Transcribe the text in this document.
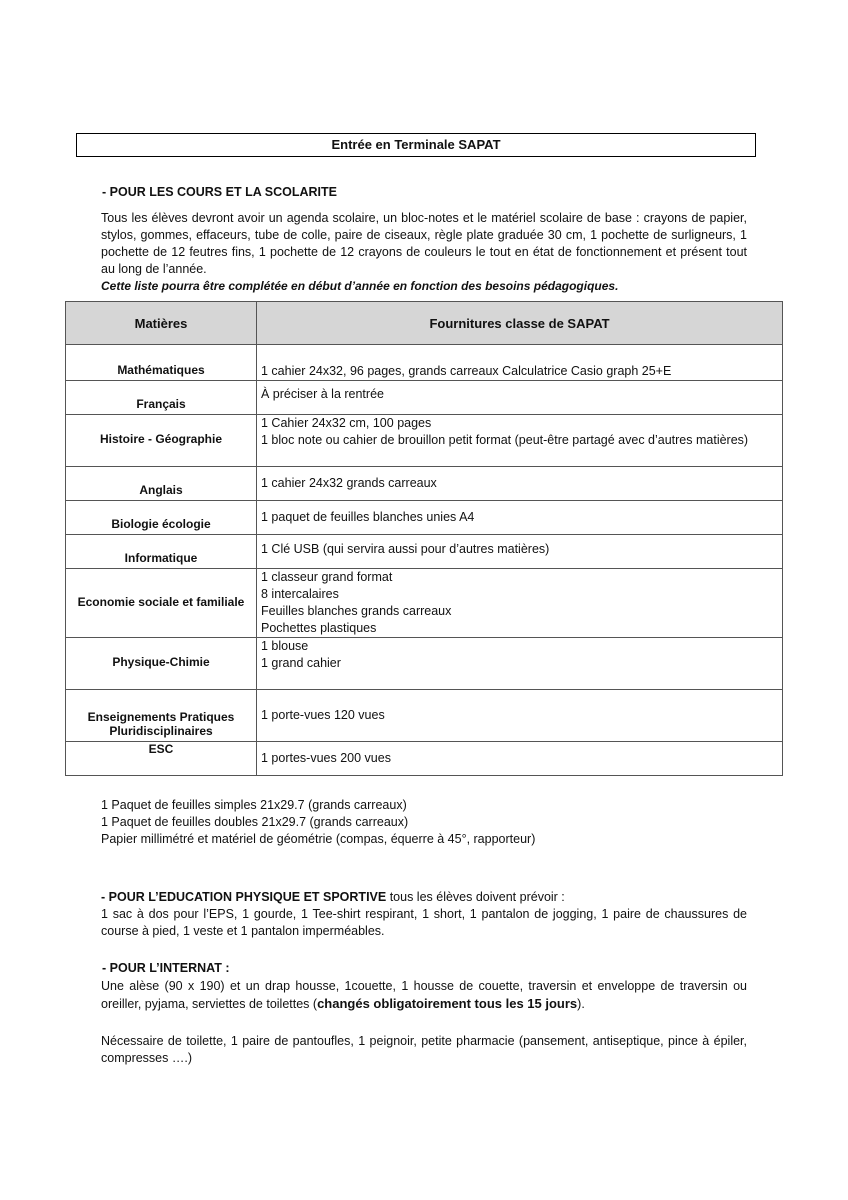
Entrée en Terminale SAPAT
- POUR LES COURS ET LA SCOLARITE
Tous les élèves devront avoir un agenda scolaire, un bloc-notes et le matériel scolaire de base : crayons de papier, stylos, gommes, effaceurs, tube de colle, paire de ciseaux, règle plate graduée 30 cm, 1 pochette de surligneurs, 1 pochette de 12 feutres fins, 1 pochette de 12 crayons de couleurs le tout en état de fonctionnement et présent tout au long de l’année.
Cette liste pourra être complétée en début d’année en fonction des besoins pédagogiques.
Matières	Fournitures classe de SAPAT
Mathématiques	1 cahier 24x32, 96 pages, grands carreaux Calculatrice Casio graph 25+E

Français	À préciser à la rentrée

Histoire - Géographie	1 Cahier 24x32 cm, 100 pages
1 bloc note ou cahier de brouillon petit format (peut-être partagé avec d’autres matières)

Anglais	1 cahier 24x32 grands carreaux

Biologie écologie	1 paquet de feuilles blanches unies A4

Informatique	1 Clé USB (qui servira aussi pour d’autres matières)

Economie sociale et familiale	1 classeur grand format
8 intercalaires
Feuilles blanches grands carreaux
Pochettes plastiques

Physique-Chimie	1 blouse
1 grand cahier

Enseignements Pratiques Pluridisciplinaires	1 porte-vues 120 vues

ESC	1 portes-vues 200 vues
1 Paquet de feuilles simples 21x29.7 (grands carreaux)
1 Paquet de feuilles doubles 21x29.7 (grands carreaux)
Papier millimétré et matériel de géométrie (compas, équerre à 45°, rapporteur)
- POUR L’EDUCATION PHYSIQUE ET SPORTIVE tous les élèves doivent prévoir :
1 sac à dos pour l’EPS, 1 gourde, 1 Tee-shirt respirant, 1 short, 1 pantalon de jogging, 1 paire de chaussures de course à pied, 1 veste et 1 pantalon imperméables.
- POUR L’INTERNAT :
Une alèse (90 x 190) et un drap housse, 1couette, 1 housse de couette, traversin et enveloppe de traversin ou oreiller, pyjama, serviettes de toilettes (changés obligatoirement tous les 15 jours).
Nécessaire de toilette, 1 paire de pantoufles, 1 peignoir, petite pharmacie (pansement, antiseptique, pince à épiler, compresses ….)
